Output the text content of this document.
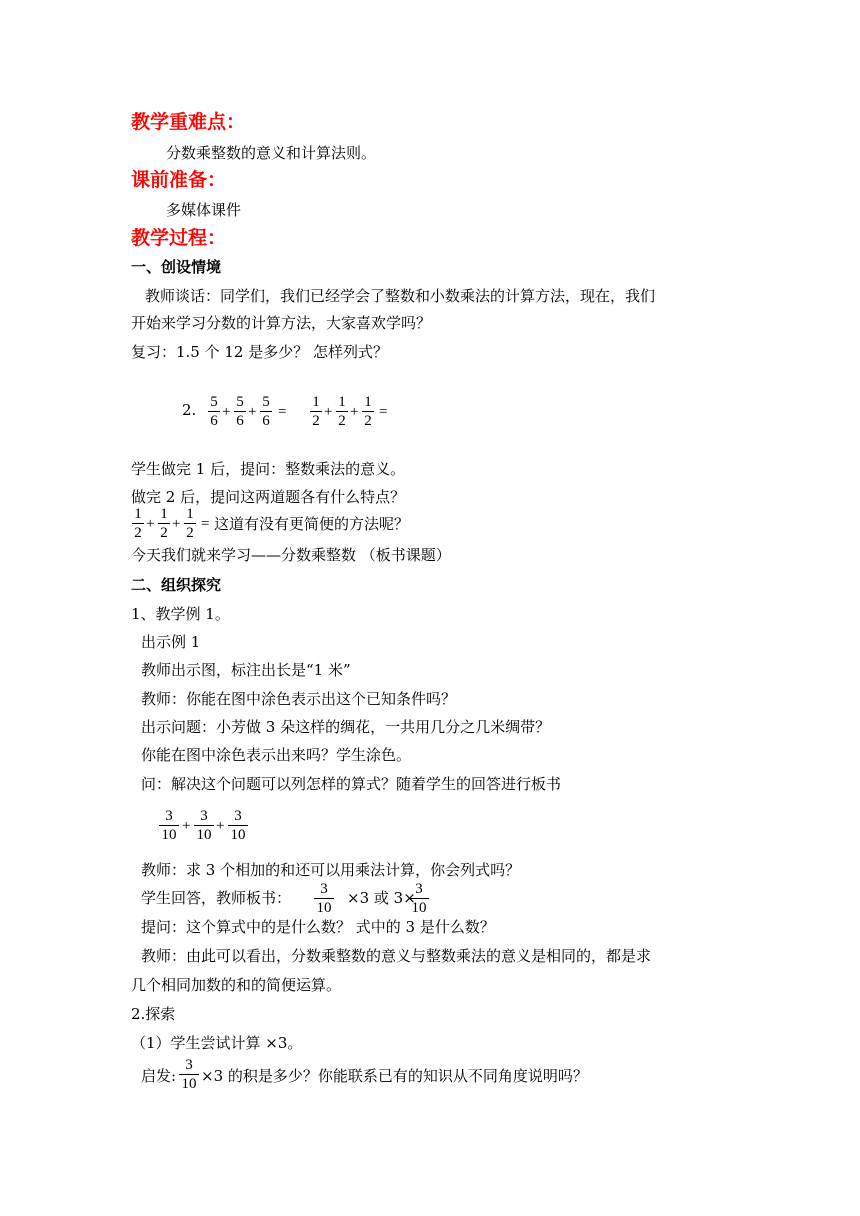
教学重难点：
分数乘整数的意义和计算法则。
课前准备：
多媒体课件
教学过程：
一、创设情境
教师谈话：同学们，我们已经学会了整数和小数乘法的计算方法，现在，我们
开始来学习分数的计算方法，大家喜欢学吗？
复习：1.5 个 12 是多少？ 怎样列式？
2. 5
6
+
5
6
+
5
6
=
1
2
+
1
2
+
1
2
=
学生做完 1 后，提问：整数乘法的意义。
做完 2 后，提问这两道题各有什么特点？
1
2
+
1
2
+
1
2
= 这道有没有更简便的方法呢？
今天我们就来学习——分数乘整数 （板书课题）
二、组织探究
1、教学例 1。
出示例 1
教师出示图，标注出长是“1 米”
教师：你能在图中涂色表示出这个已知条件吗？
出示问题：小芳做 3 朵这样的绸花，一共用几分之几米绸带？
你能在图中涂色表示出来吗？学生涂色。
问：解决这个问题可以列怎样的算式？随着学生的回答进行板书
3
10
+
3
10
+
3
10
教师：求 3 个相加的和还可以用乘法计算，你会列式吗？
学生回答，教师板书：	3
10
×3 或 3× 3
10
提问：这个算式中的是什么数？ 式中的 3 是什么数？
教师：由此可以看出，分数乘整数的意义与整数乘法的意义是相同的，都是求
几个相同加数的和的简便运算。
2.探索
（1）学生尝试计算 ×3。
启发:
3
10 ×3 的积是多少？你能联系已有的知识从不同角度说明吗？
